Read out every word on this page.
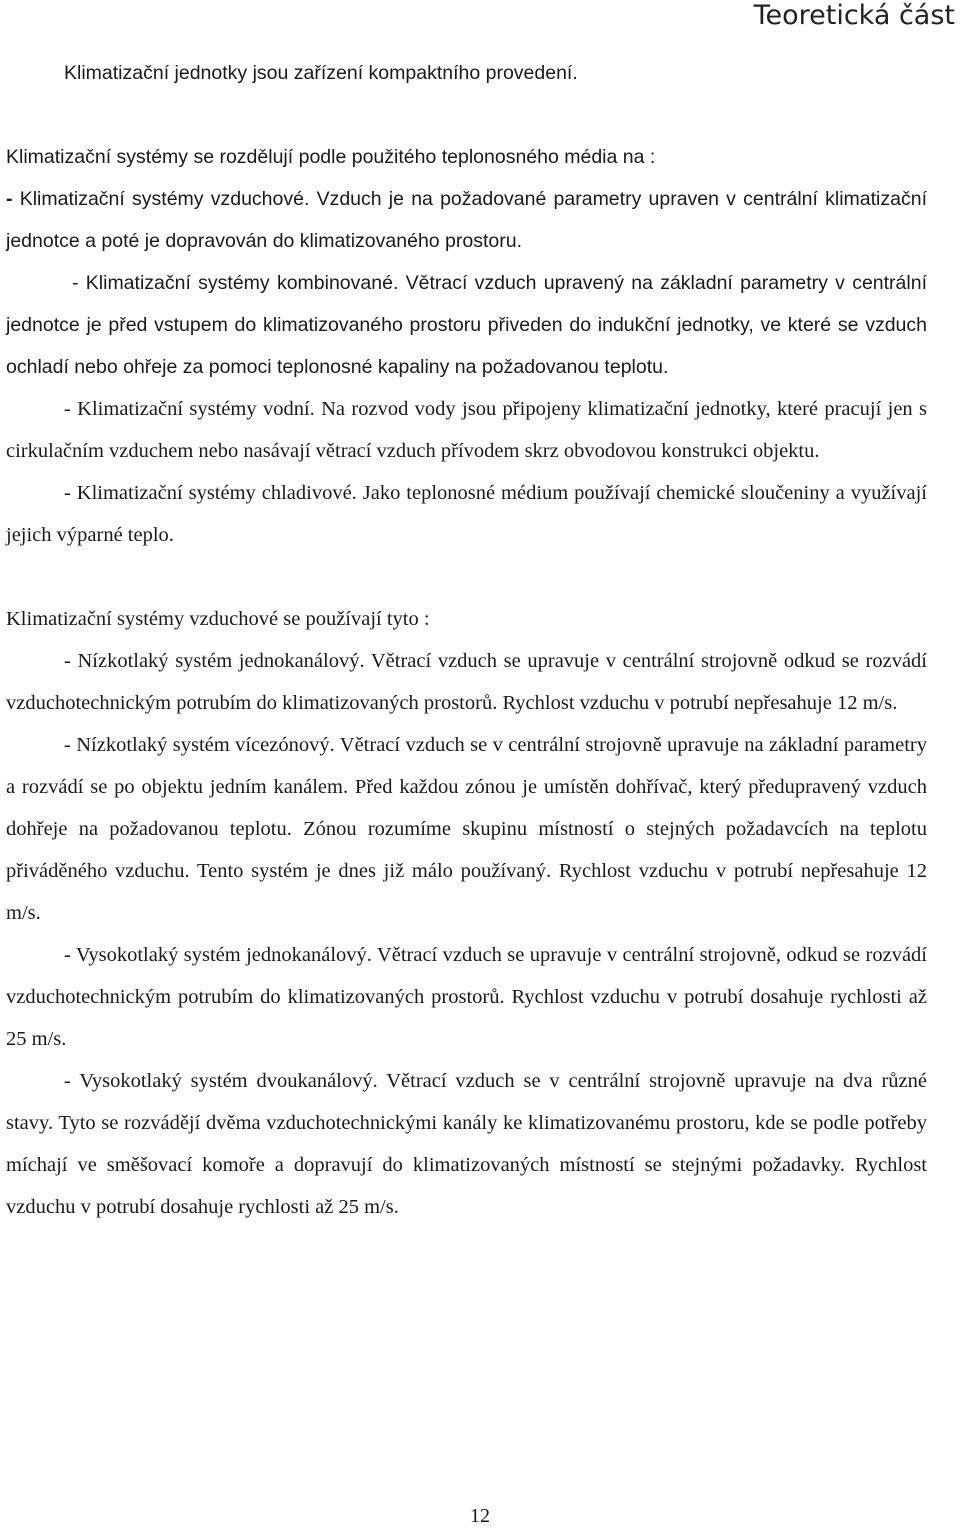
Teoretická část

Klimatizační jednotky jsou zařízení kompaktního provedení.

Klimatizační systémy se rozdělují podle použitého teplonosného média na :

- Klimatizační systémy vzduchové. Vzduch je na požadované parametry upraven v centrální klimatizační jednotce a poté je dopravován do klimatizovaného prostoru.

- Klimatizační systémy kombinované. Větrací vzduch upravený na základní parametry v centrální jednotce je před vstupem do klimatizovaného prostoru přiveden do indukční jednotky, ve které se vzduch ochladí nebo ohřeje za pomoci teplonosné kapaliny na požadovanou teplotu.

- Klimatizační systémy vodní. Na rozvod vody jsou připojeny klimatizační jednotky, které pracují jen s cirkulačním vzduchem nebo nasávají větrací vzduch přívodem skrz obvodovou konstrukci objektu.

- Klimatizační systémy chladivové. Jako teplonosné médium používají chemické sloučeniny a využívají jejich výparné teplo.

Klimatizační systémy vzduchové se používají tyto :

- Nízkotlaký systém jednokanálový. Větrací vzduch se upravuje v centrální strojovně odkud se rozvádí vzduchotechnickým potrubím do klimatizovaných prostorů. Rychlost vzduchu v potrubí nepřesahuje 12 m/s.

- Nízkotlaký systém vícezónový. Větrací vzduch se v centrální strojovně upravuje na základní parametry a rozvádí se po objektu jedním kanálem. Před každou zónou je umístěn dohřívač, který předupravený vzduch dohřeje na požadovanou teplotu. Zónou rozumíme skupinu místností o stejných požadavcích na teplotu přiváděného vzduchu. Tento systém je dnes již málo používaný. Rychlost vzduchu v potrubí nepřesahuje 12 m/s.

- Vysokotlaký systém jednokanálový. Větrací vzduch se upravuje v centrální strojovně, odkud se rozvádí vzduchotechnickým potrubím do klimatizovaných prostorů. Rychlost vzduchu v potrubí dosahuje rychlosti až 25 m/s.

- Vysokotlaký systém dvoukanálový. Větrací vzduch se v centrální strojovně upravuje na dva různé stavy. Tyto se rozvádějí dvěma vzduchotechnickými kanály ke klimatizovanému prostoru, kde se podle potřeby míchají ve směšovací komoře a dopravují do klimatizovaných místností se stejnými požadavky. Rychlost vzduchu v potrubí dosahuje rychlosti až 25 m/s.

12
